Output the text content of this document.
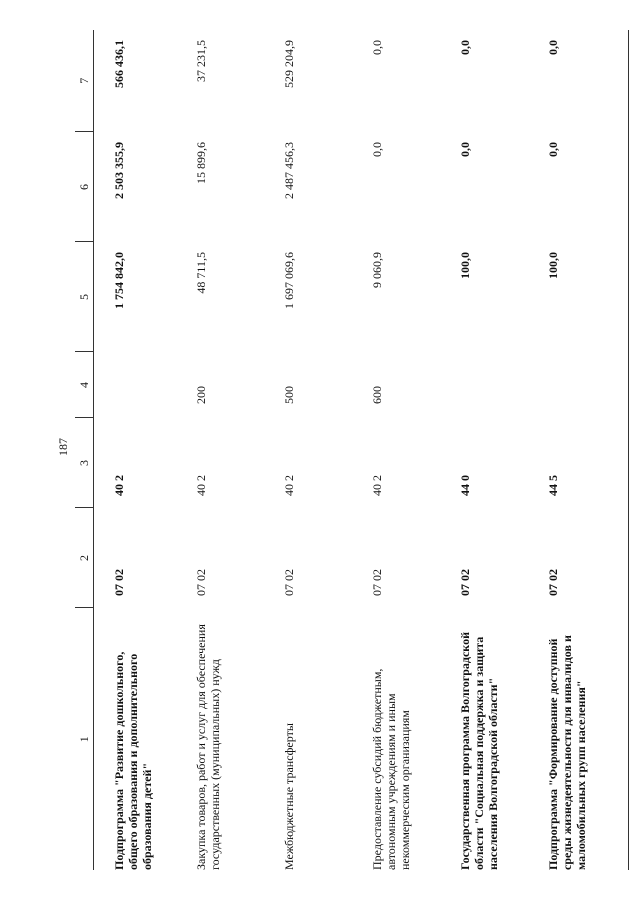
187
1	2	3	4	5	6	7
Подпрограмма "Развитие дошкольного, общего образования и дополнительного образования детей"	07 02	40 2		1 754 842,0	2 503 355,9	566 436,1
Закупка товаров, работ и услуг для обеспечения государственных (муниципальных) нужд	07 02	40 2	200	48 711,5	15 899,6	37 231,5
Межбюджетные трансферты	07 02	40 2	500	1 697 069,6	2 487 456,3	529 204,9
Предоставление субсидий бюджетным, автономным учреждениям и иным некоммерческим организациям	07 02	40 2	600	9 060,9	0,0	0,0
Государственная программа Волгоградской области "Социальная поддержка и защита населения Волгоградской области"	07 02	44 0		100,0	0,0	0,0
Подпрограмма "Формирование доступной среды жизнедеятельности для инвалидов и маломобильных групп населения"	07 02	44 5		100,0	0,0	0,0
